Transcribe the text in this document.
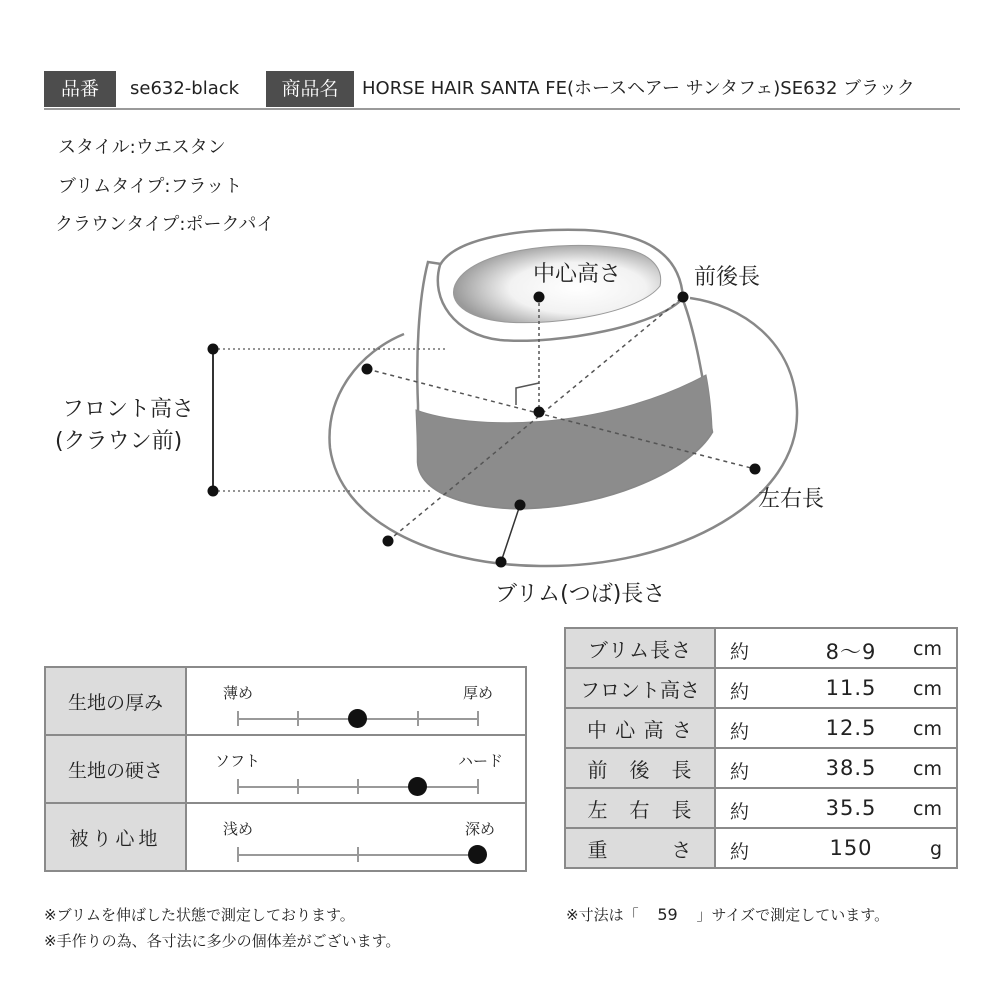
品番	se632-black	商品名	HORSE HAIR SANTA FE(ホースヘアー サンタフェ)SE632 ブラック
スタイル:ウエスタン
ブリムタイプ:フラット
クラウンタイプ:ポークパイ
中心高さ	前後長
フロント高さ
(クラウン前)
左右長
ブリム(つば)長さ
生地の厚み	薄め 厚め

生地の硬さ	ソフト ハード

被り心地	浅め 深め
ブリム長さ	約 8〜9 cm

フロント高さ	約 11.5 cm

中 心 高 さ	約 12.5 cm

前　後　長	約 38.5 cm

左　右　長	約 35.5 cm

重　　　さ	約 150 g
※ブリムを伸ばした状態で測定しております。
※手作りの為、各寸法に多少の個体差がございます。
※寸法は「 59 」サイズで測定しています。
